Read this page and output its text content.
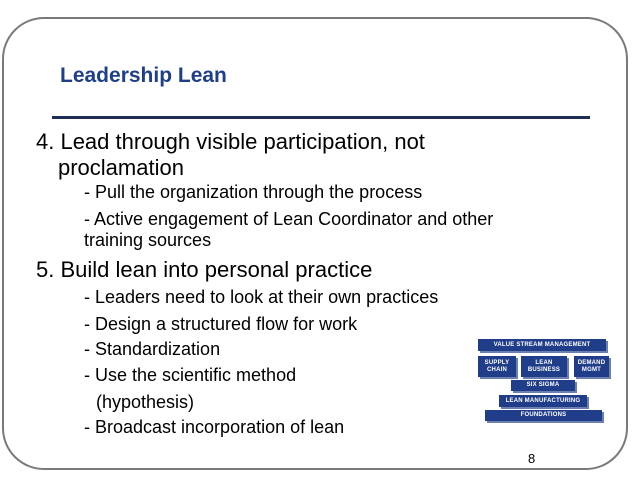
Leadership Lean
4. Lead through visible participation, not
proclamation
- Pull the organization through the process
- Active engagement of Lean Coordinator and other
training sources
5. Build lean into personal practice
- Leaders need to look at their own practices
- Design a structured flow for work
- Standardization
- Use the scientific method
(hypothesis)
- Broadcast incorporation of lean
VALUE STREAM MANAGEMENT
SUPPLY
CHAIN
LEAN
BUSINESS
DEMAND
MGMT
SIX SIGMA
LEAN MANUFACTURING
FOUNDATIONS
8
